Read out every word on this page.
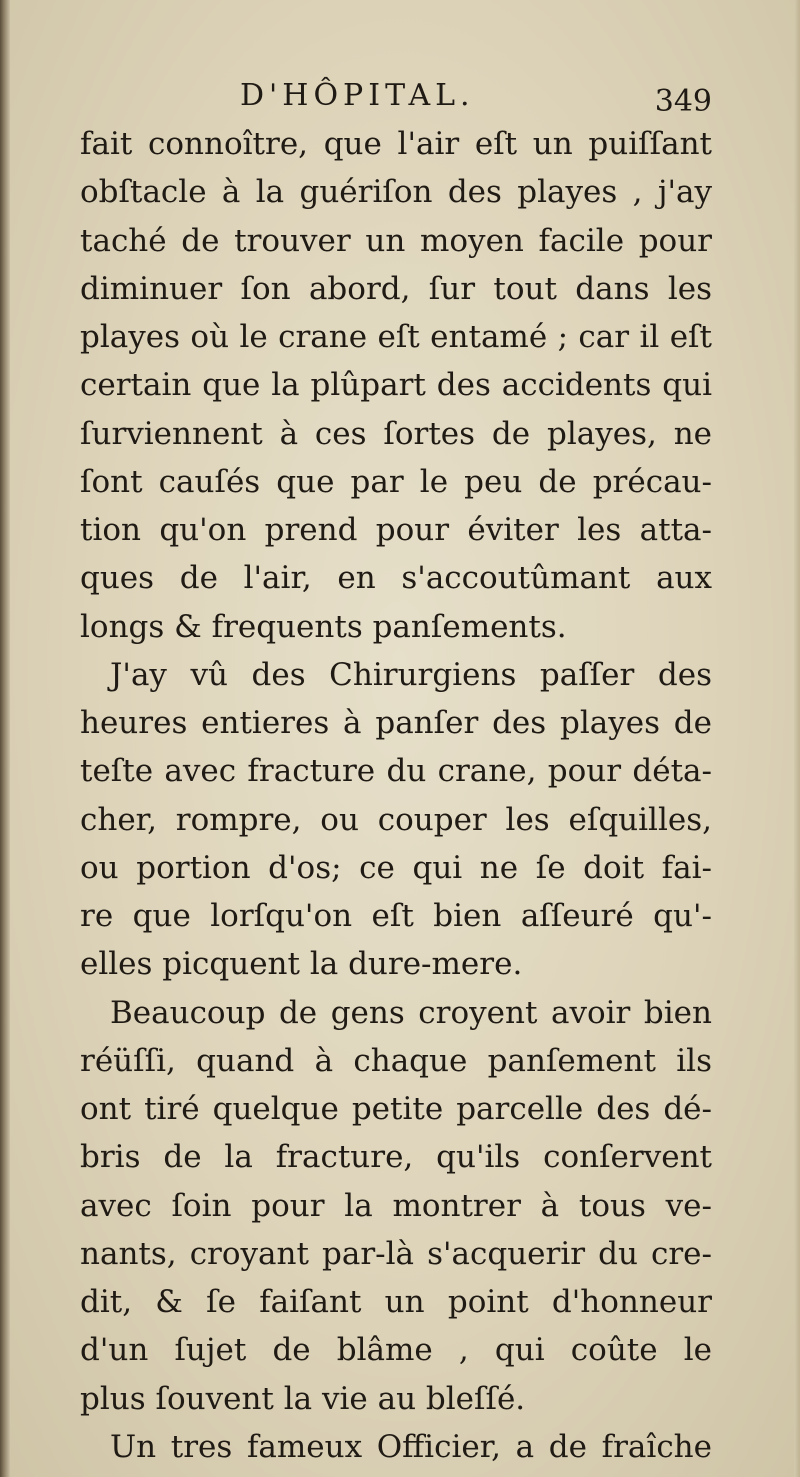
D'HÔPITAL.	349
fait connoître, que l'air eſt un puiſſant
obſtacle à la guériſon des playes , j'ay
taché de trouver un moyen facile pour
diminuer ſon abord, ſur tout dans les
playes où le crane eſt entamé ; car il eſt
certain que la plûpart des accidents qui
ſurviennent à ces ſortes de playes, ne
ſont cauſés que par le peu de précau-
tion qu'on prend pour éviter les atta-
ques de l'air, en s'accoutûmant aux
longs & frequents panſements.
J'ay vû des Chirurgiens paſſer des
heures entieres à panſer des playes de
teſte avec fracture du crane, pour déta-
cher, rompre, ou couper les eſquilles,
ou portion d'os; ce qui ne ſe doit fai-
re que lorſqu'on eſt bien aſſeuré qu'-
elles picquent la dure-mere.
Beaucoup de gens croyent avoir bien
réüſſi, quand à chaque panſement ils
ont tiré quelque petite parcelle des dé-
bris de la fracture, qu'ils conſervent
avec ſoin pour la montrer à tous ve-
nants, croyant par-là s'acquerir du cre-
dit, & ſe faiſant un point d'honneur
d'un ſujet de blâme , qui coûte le
plus ſouvent la vie au bleſſé.
Un tres fameux Officier, a de fraîche
